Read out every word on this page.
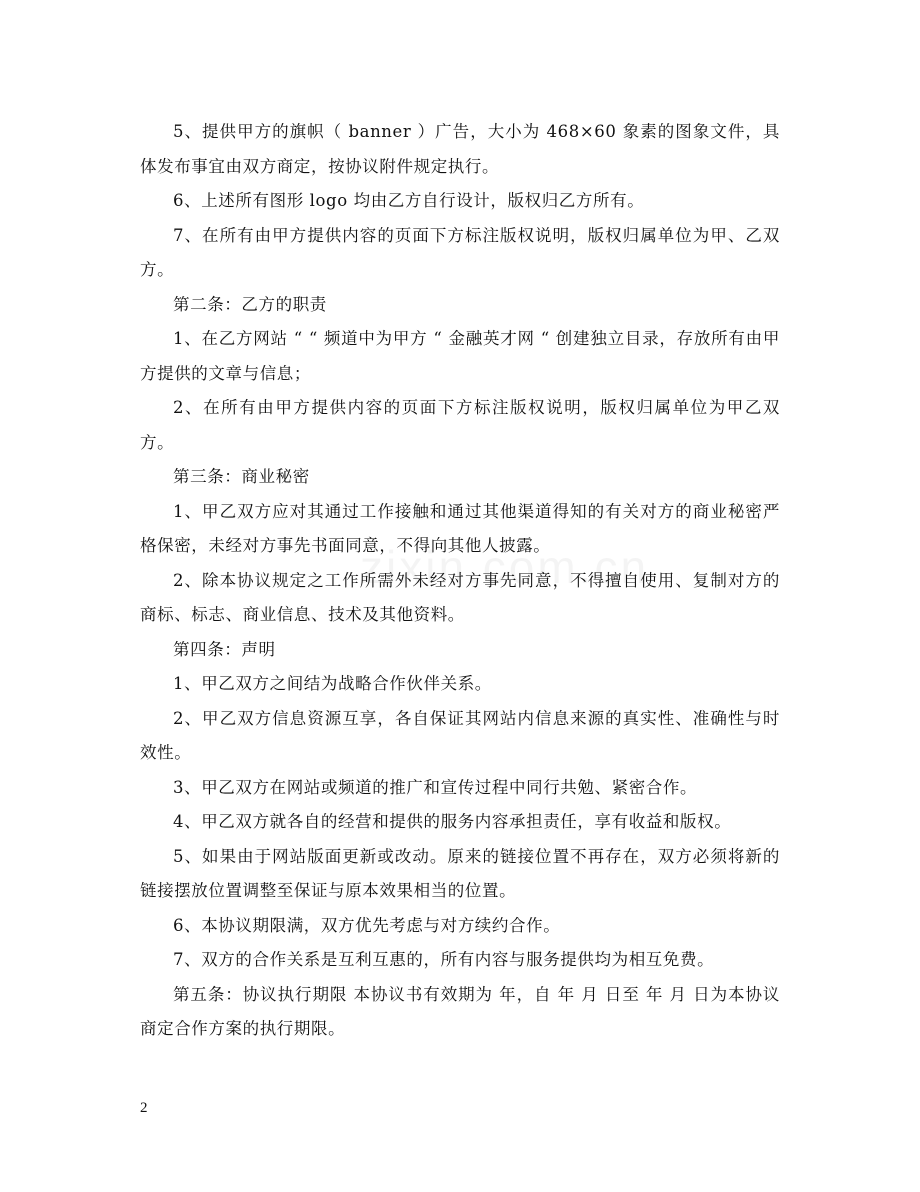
5、提供甲方的旗帜（ banner ）广告，大小为 468×60 象素的图象文件，具体发布事宜由双方商定，按协议附件规定执行。

6、上述所有图形 logo 均由乙方自行设计，版权归乙方所有。

7、在所有由甲方提供内容的页面下方标注版权说明，版权归属单位为甲、乙双方。

第二条：乙方的职责

1、在乙方网站 “ “ 频道中为甲方 “ 金融英才网 “ 创建独立目录，存放所有由甲方提供的文章与信息；

2、在所有由甲方提供内容的页面下方标注版权说明，版权归属单位为甲乙双方。

第三条：商业秘密

1、甲乙双方应对其通过工作接触和通过其他渠道得知的有关对方的商业秘密严格保密，未经对方事先书面同意，不得向其他人披露。

2、除本协议规定之工作所需外未经对方事先同意，不得擅自使用、复制对方的商标、标志、商业信息、技术及其他资料。

第四条：声明

1、甲乙双方之间结为战略合作伙伴关系。

2、甲乙双方信息资源互享，各自保证其网站内信息来源的真实性、准确性与时效性。

3、甲乙双方在网站或频道的推广和宣传过程中同行共勉、紧密合作。

4、甲乙双方就各自的经营和提供的服务内容承担责任，享有收益和版权。

5、如果由于网站版面更新或改动。原来的链接位置不再存在，双方必须将新的链接摆放位置调整至保证与原本效果相当的位置。

6、本协议期限满，双方优先考虑与对方续约合作。

7、双方的合作关系是互利互惠的，所有内容与服务提供均为相互免费。

第五条：协议执行期限 本协议书有效期为 年，自 年 月 日至 年 月 日为本协议商定合作方案的执行期限。

2
